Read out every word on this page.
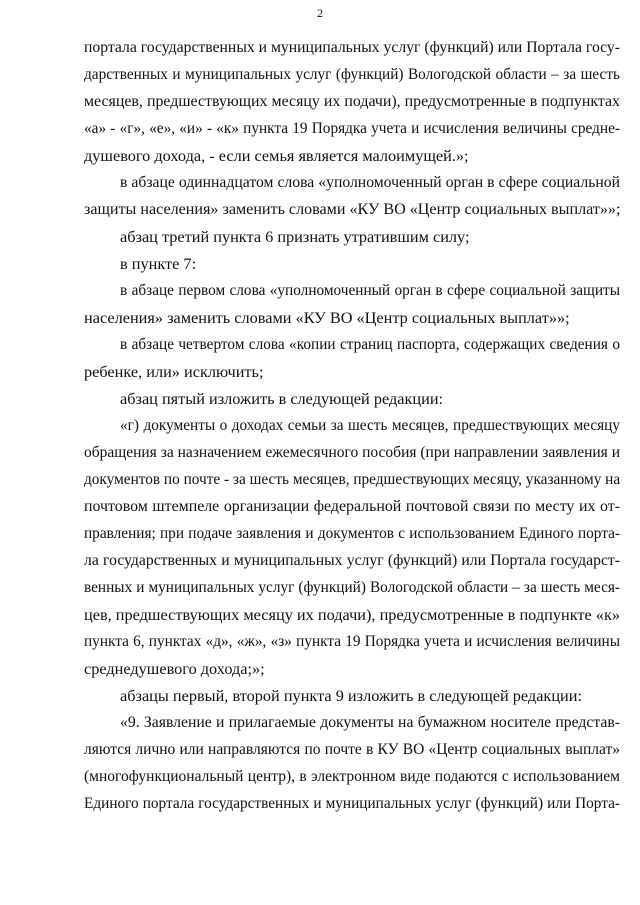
2
портала государственных и муниципальных услуг (функций) или Портала госу-
дарственных и муниципальных услуг (функций) Вологодской области – за шесть
месяцев, предшествующих месяцу их подачи), предусмотренные в подпунктах
«а» - «г», «е», «и» - «к» пункта 19 Порядка учета и исчисления величины средне-
душевого дохода, - если семья является малоимущей.»;
в абзаце одиннадцатом слова «уполномоченный орган в сфере социальной
защиты населения» заменить словами «КУ ВО «Центр социальных выплат»»;
абзац третий пункта 6 признать утратившим силу;
в пункте 7:
в абзаце первом слова «уполномоченный орган в сфере социальной защиты
населения» заменить словами «КУ ВО «Центр социальных выплат»»;
в абзаце четвертом слова «копии страниц паспорта, содержащих сведения о
ребенке, или» исключить;
абзац пятый изложить в следующей редакции:
«г) документы о доходах семьи за шесть месяцев, предшествующих месяцу
обращения за назначением ежемесячного пособия (при направлении заявления и
документов по почте - за шесть месяцев, предшествующих месяцу, указанному на
почтовом штемпеле организации федеральной почтовой связи по месту их от-
правления; при подаче заявления и документов с использованием Единого порта-
ла государственных и муниципальных услуг (функций) или Портала государст-
венных и муниципальных услуг (функций) Вологодской области – за шесть меся-
цев, предшествующих месяцу их подачи), предусмотренные в подпункте «к»
пункта 6, пунктах «д», «ж», «з» пункта 19 Порядка учета и исчисления величины
среднедушевого дохода;»;
абзацы первый, второй пункта 9 изложить в следующей редакции:
«9. Заявление и прилагаемые документы на бумажном носителе представ-
ляются лично или направляются по почте в КУ ВО «Центр социальных выплат»
(многофункциональный центр), в электронном виде подаются с использованием
Единого портала государственных и муниципальных услуг (функций) или Порта-
